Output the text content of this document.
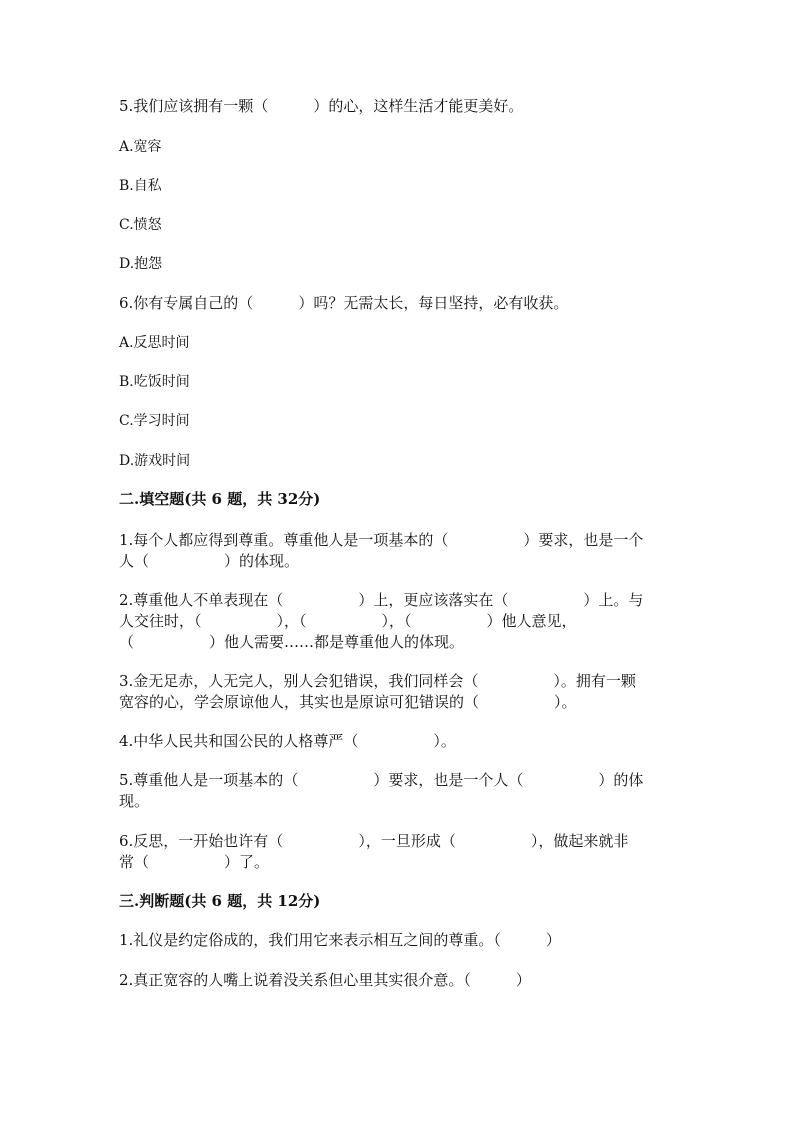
5.我们应该拥有一颗（　　　）的心，这样生活才能更美好。
A.宽容
B.自私
C.愤怒
D.抱怨
6.你有专属自己的（　　　）吗？无需太长，每日坚持，必有收获。
A.反思时间
B.吃饭时间
C.学习时间
D.游戏时间
二.填空题(共 6 题，共 32分)
1.每个人都应得到尊重。尊重他人是一项基本的（　　　　　）要求，也是一个
人（　　　　　）的体现。
2.尊重他人不单表现在（　　　　　）上，更应该落实在（　　　　　）上。与
人交往时，（　　　　　），（　　　　　），（　　　　　）他人意见，
（　　　　　）他人需要……都是尊重他人的体现。
3.金无足赤，人无完人，别人会犯错误，我们同样会（　　　　　）。拥有一颗
宽容的心，学会原谅他人，其实也是原谅可犯错误的（　　　　　）。
4.中华人民共和国公民的人格尊严（　　　　　）。
5.尊重他人是一项基本的（　　　　　）要求，也是一个人（　　　　　）的体
现。
6.反思，一开始也许有（　　　　　），一旦形成（　　　　　），做起来就非
常（　　　　　）了。
三.判断题(共 6 题，共 12分)
1.礼仪是约定俗成的，我们用它来表示相互之间的尊重。（　　　）
2.真正宽容的人嘴上说着没关系但心里其实很介意。（　　　）
